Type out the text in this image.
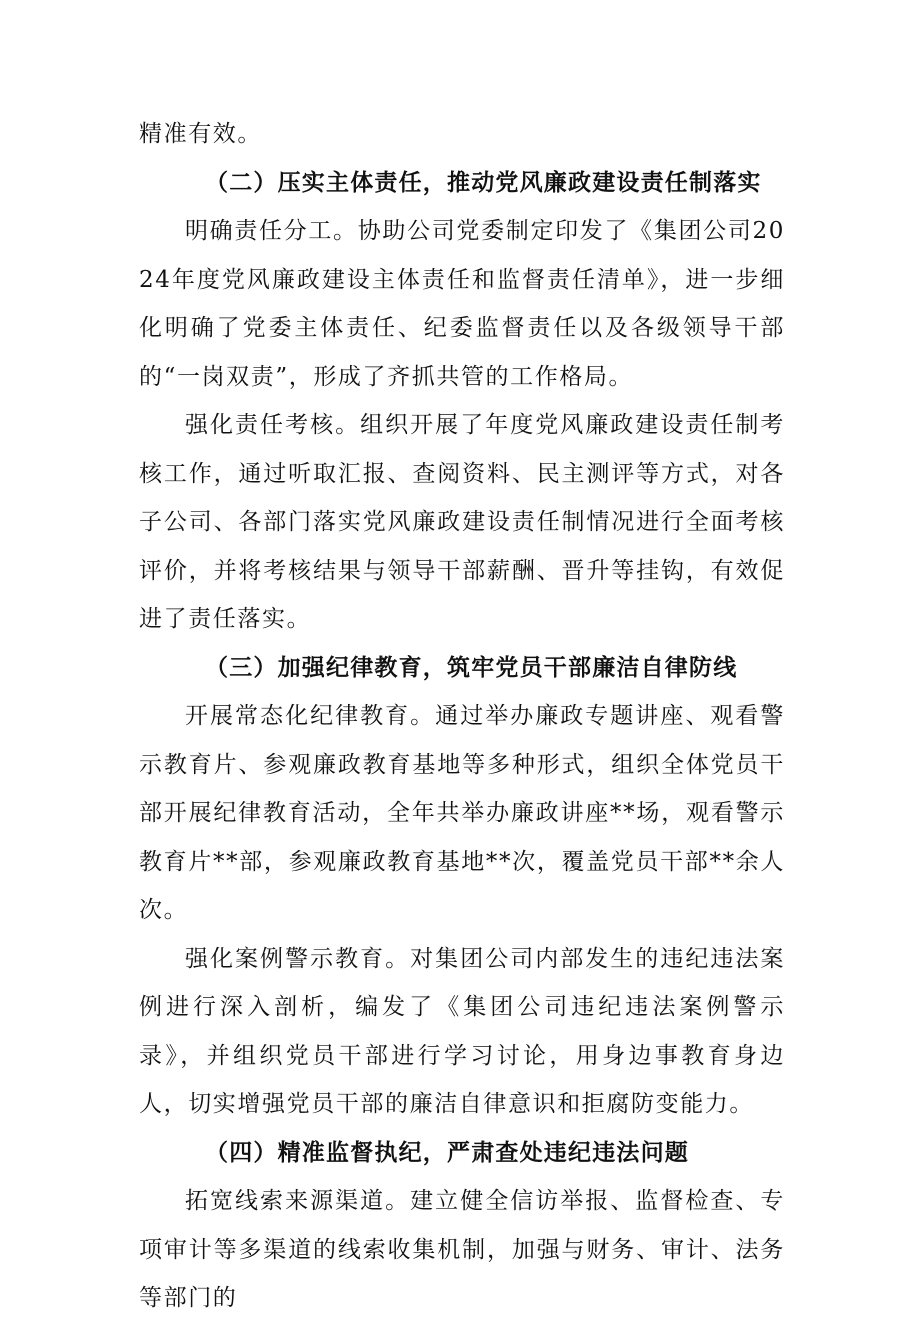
精准有效。

（二）压实主体责任，推动党风廉政建设责任制落实

明确责任分工。协助公司党委制定印发了《集团公司2024年度党风廉政建设主体责任和监督责任清单》，进一步细化明确了党委主体责任、纪委监督责任以及各级领导干部的“一岗双责”，形成了齐抓共管的工作格局。

强化责任考核。组织开展了年度党风廉政建设责任制考核工作，通过听取汇报、查阅资料、民主测评等方式，对各子公司、各部门落实党风廉政建设责任制情况进行全面考核评价，并将考核结果与领导干部薪酬、晋升等挂钩，有效促进了责任落实。

（三）加强纪律教育，筑牢党员干部廉洁自律防线

开展常态化纪律教育。通过举办廉政专题讲座、观看警示教育片、参观廉政教育基地等多种形式，组织全体党员干部开展纪律教育活动，全年共举办廉政讲座**场，观看警示教育片**部，参观廉政教育基地**次，覆盖党员干部**余人次。

强化案例警示教育。对集团公司内部发生的违纪违法案例进行深入剖析，编发了《集团公司违纪违法案例警示录》，并组织党员干部进行学习讨论，用身边事教育身边人，切实增强党员干部的廉洁自律意识和拒腐防变能力。

（四）精准监督执纪，严肃查处违纪违法问题

拓宽线索来源渠道。建立健全信访举报、监督检查、专项审计等多渠道的线索收集机制，加强与财务、审计、法务等部门的
